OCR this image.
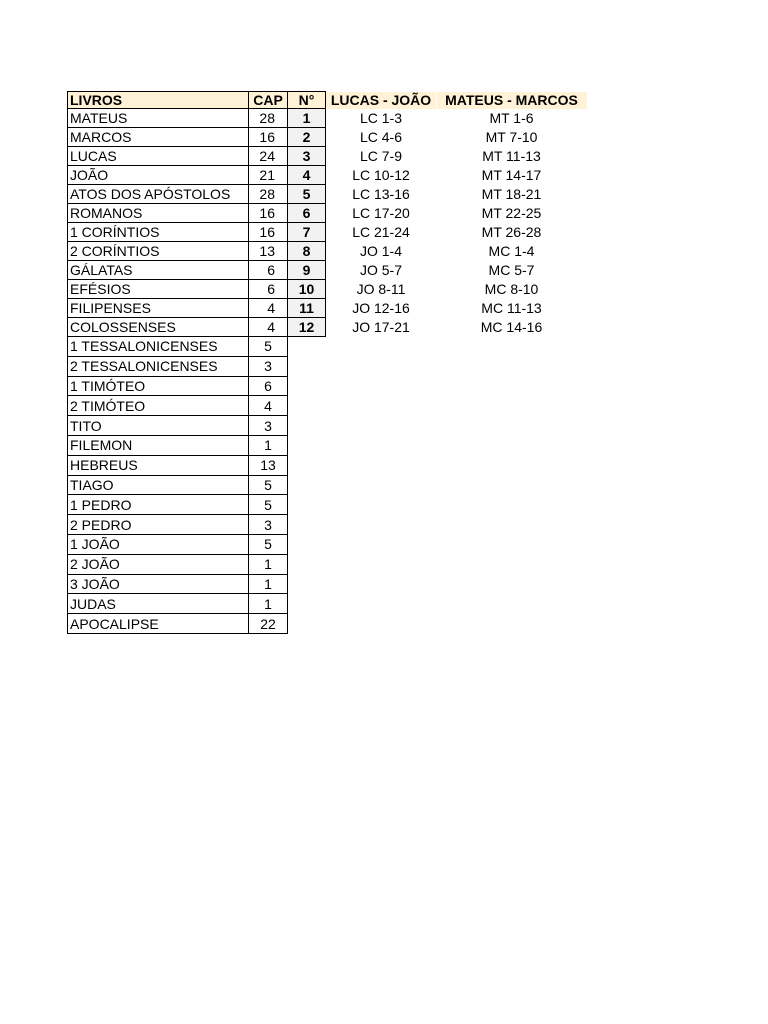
LIVROS	CAP	N°	LUCAS - JOÃO	MATEUS - MARCOS
MATEUS	28	1	LC 1-3	MT 1-6
MARCOS	16	2	LC 4-6	MT 7-10
LUCAS	24	3	LC 7-9	MT 11-13
JOÃO	21	4	LC 10-12	MT 14-17
ATOS DOS APÓSTOLOS	28	5	LC 13-16	MT 18-21
ROMANOS	16	6	LC 17-20	MT 22-25
1 CORÍNTIOS	16	7	LC 21-24	MT 26-28
2 CORÍNTIOS	13	8	JO 1-4	MC 1-4
GÁLATAS	6	9	JO 5-7	MC 5-7
EFÉSIOS	6	10	JO 8-11	MC 8-10
FILIPENSES	4	11	JO 12-16	MC 11-13
COLOSSENSES	4	12	JO 17-21	MC 14-16
1 TESSALONICENSES	5			
2 TESSALONICENSES	3			
1 TIMÓTEO	6			
2 TIMÓTEO	4			
TITO	3			
FILEMON	1			
HEBREUS	13			
TIAGO	5			
1 PEDRO	5			
2 PEDRO	3			
1 JOÃO	5			
2 JOÃO	1			
3 JOÃO	1			
JUDAS	1			
APOCALIPSE	22			
